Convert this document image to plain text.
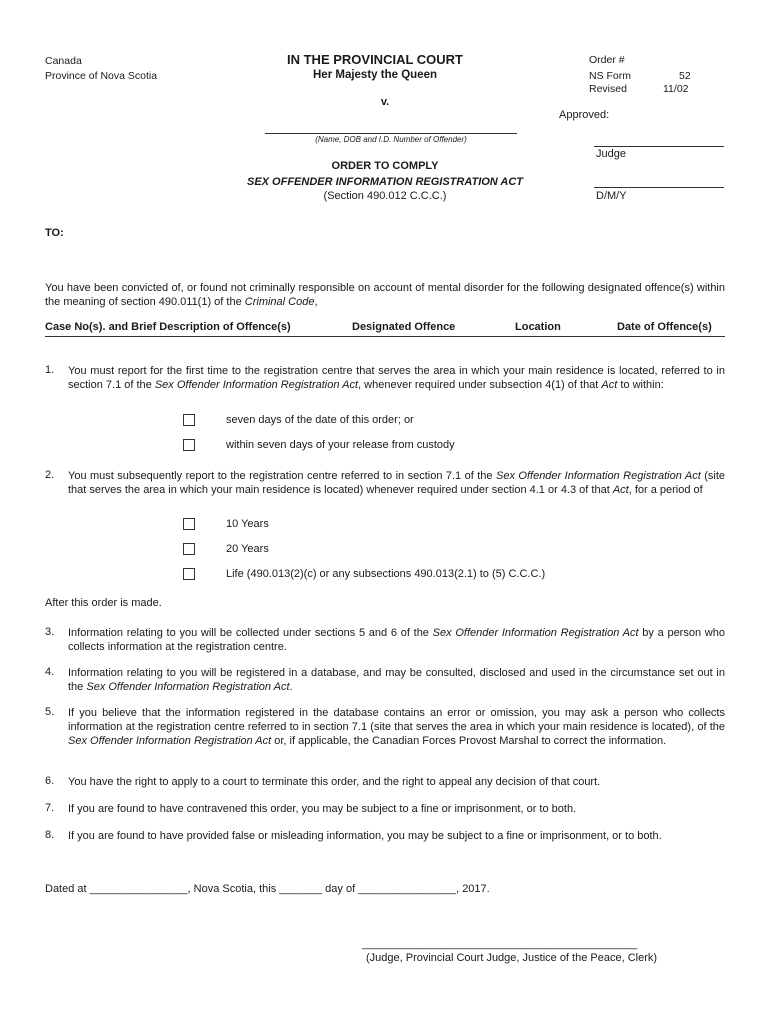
Canada
Province of Nova Scotia
IN THE PROVINCIAL COURT
Her Majesty the Queen
v.
Order #
NS Form	52
Revised	11/02
Approved:
Judge
D/M/Y
(Name, DOB and I.D. Number of Offender)
ORDER TO COMPLY
SEX OFFENDER INFORMATION REGISTRATION ACT
(Section 490.012 C.C.C.)
TO:
You have been convicted of, or found not criminally responsible on account of mental disorder for the following designated offence(s) within the meaning of section 490.011(1) of the Criminal Code,
Case No(s). and Brief Description of Offence(s)	Designated Offence	Location	Date of Offence(s)
1. You must report for the first time to the registration centre that serves the area in which your main residence is located, referred to in section 7.1 of the Sex Offender Information Registration Act, whenever required under subsection 4(1) of that Act to within:
seven days of the date of this order; or
within seven days of your release from custody
2. You must subsequently report to the registration centre referred to in section 7.1 of the Sex Offender Information Registration Act (site that serves the area in which your main residence is located) whenever required under section 4.1 or 4.3 of that Act, for a period of
10 Years
20 Years
Life (490.013(2)(c) or any subsections 490.013(2.1) to (5) C.C.C.)
After this order is made.
3. Information relating to you will be collected under sections 5 and 6 of the Sex Offender Information Registration Act by a person who collects information at the registration centre.
4. Information relating to you will be registered in a database, and may be consulted, disclosed and used in the circumstance set out in the Sex Offender Information Registration Act.
5. If you believe that the information registered in the database contains an error or omission, you may ask a person who collects information at the registration centre referred to in section 7.1 (site that serves the area in which your main residence is located), of the Sex Offender Information Registration Act or, if applicable, the Canadian Forces Provost Marshal to correct the information.
6. You have the right to apply to a court to terminate this order, and the right to appeal any decision of that court.
7. If you are found to have contravened this order, you may be subject to a fine or imprisonment, or to both.
8. If you are found to have provided false or misleading information, you may be subject to a fine or imprisonment, or to both.
Dated at ________________, Nova Scotia, this _______ day of ________________, 2017.
_____________________________________________
(Judge, Provincial Court Judge, Justice of the Peace, Clerk)
